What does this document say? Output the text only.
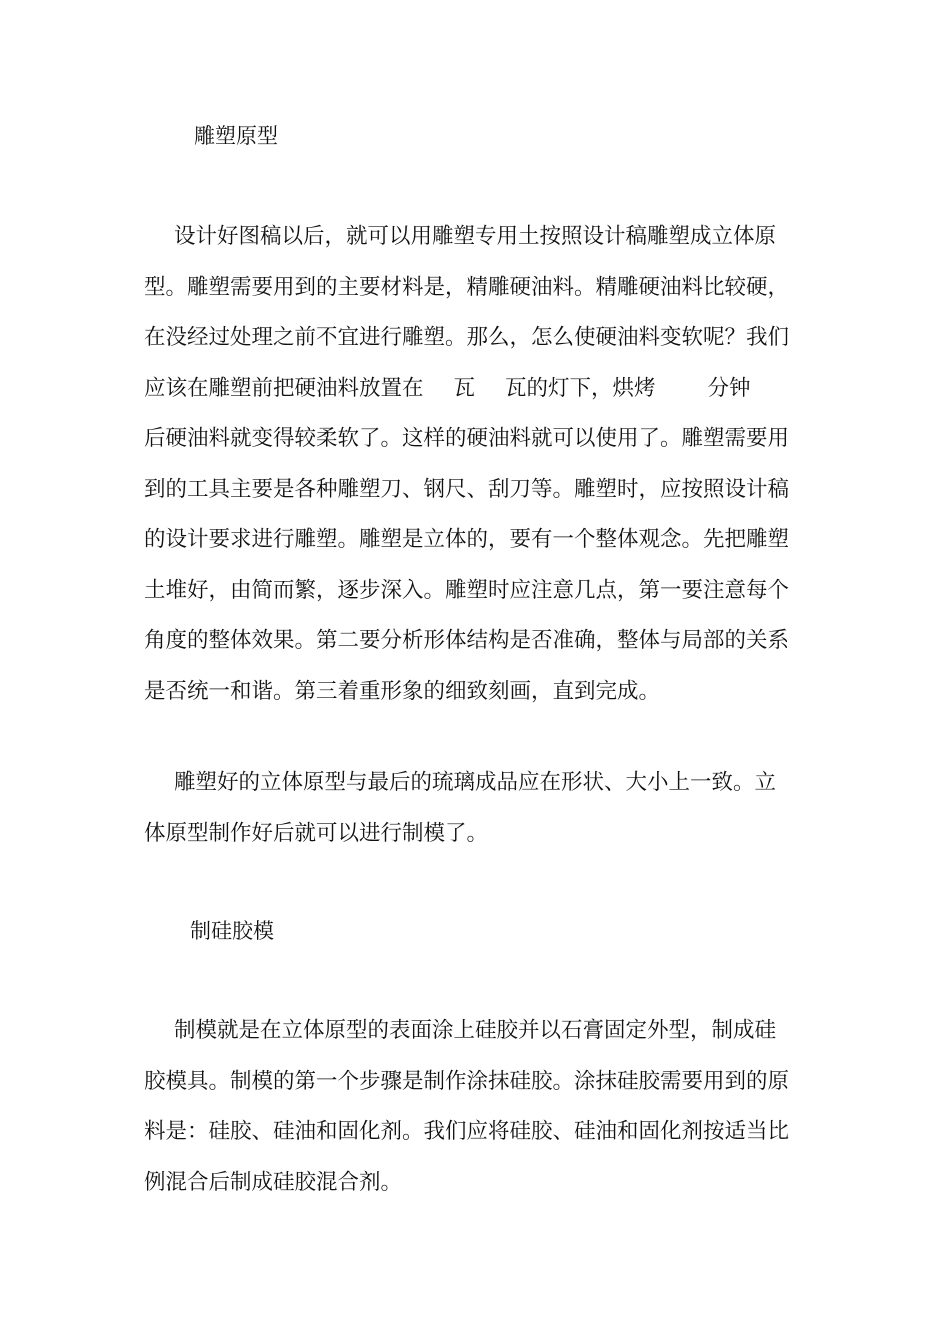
雕塑原型
设计好图稿以后，就可以用雕塑专用土按照设计稿雕塑成立体原
型。雕塑需要用到的主要材料是，精雕硬油料。精雕硬油料比较硬，
在没经过处理之前不宜进行雕塑。那么，怎么使硬油料变软呢？我们
应该在雕塑前把硬油料放置在 瓦 瓦的灯下，烘烤 分钟
后硬油料就变得较柔软了。这样的硬油料就可以使用了。雕塑需要用
到的工具主要是各种雕塑刀、钢尺、刮刀等。雕塑时，应按照设计稿
的设计要求进行雕塑。雕塑是立体的，要有一个整体观念。先把雕塑
土堆好，由简而繁，逐步深入。雕塑时应注意几点，第一要注意每个
角度的整体效果。第二要分析形体结构是否准确，整体与局部的关系
是否统一和谐。第三着重形象的细致刻画，直到完成。
雕塑好的立体原型与最后的琉璃成品应在形状、大小上一致。立
体原型制作好后就可以进行制模了。
制硅胶模
制模就是在立体原型的表面涂上硅胶并以石膏固定外型，制成硅
胶模具。制模的第一个步骤是制作涂抹硅胶。涂抹硅胶需要用到的原
料是：硅胶、硅油和固化剂。我们应将硅胶、硅油和固化剂按适当比
例混合后制成硅胶混合剂。
